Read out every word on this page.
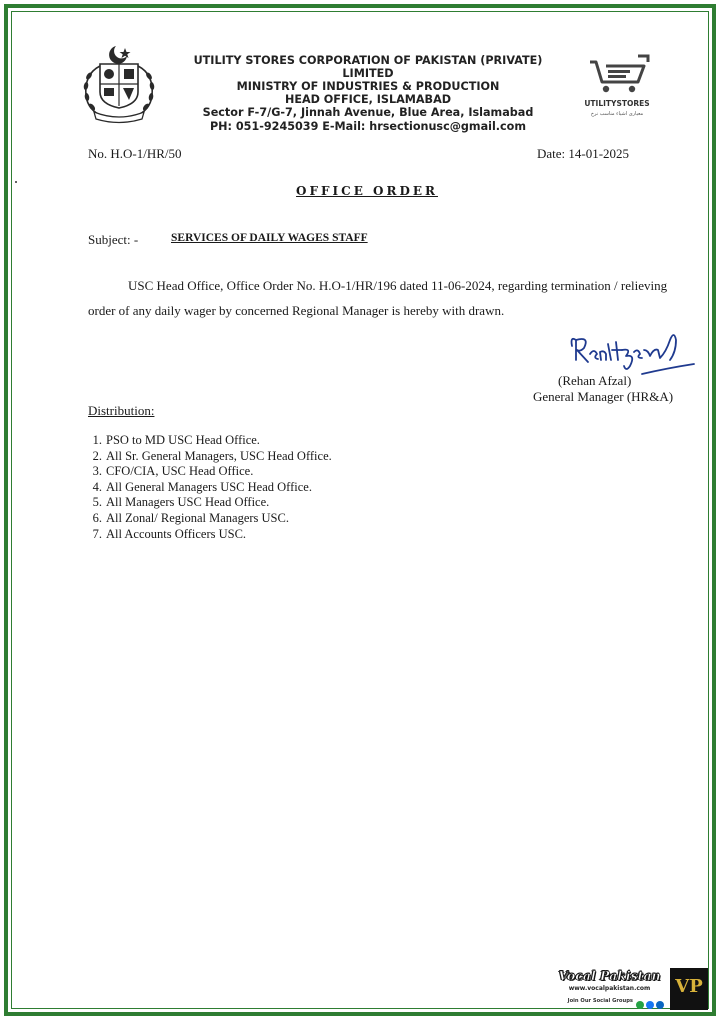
UTILITY STORES CORPORATION OF PAKISTAN (PRIVATE) LIMITED
MINISTRY OF INDUSTRIES & PRODUCTION
HEAD OFFICE, ISLAMABAD
Sector F-7/G-7, Jinnah Avenue, Blue Area, Islamabad
PH: 051-9245039 E-Mail: hrsectionusc@gmail.com
UTILITYSTORES
معیاری اشیاء مناسب نرخ
No. H.O-1/HR/50	Date: 14-01-2025
OFFICE ORDER
Subject: -	SERVICES OF DAILY WAGES STAFF

USC Head Office, Office Order No. H.O-1/HR/196 dated 11-06-2024, regarding termination / relieving order of any daily wager by concerned Regional Manager is hereby with drawn.

(Rehan Afzal)
General Manager (HR&A)
Distribution:
1 . PSO to MD USC Head Office.
2 . All Sr. General Managers, USC Head Office.
3 . CFO/CIA, USC Head Office.
4 . All General Managers USC Head Office.
5 . All Managers USC Head Office.
6 . All Zonal/ Regional Managers USC.
7 . All Accounts Officers USC.
Vocal Pakistan
www.vocalpakistan.com
Join Our Social Groups
VP
